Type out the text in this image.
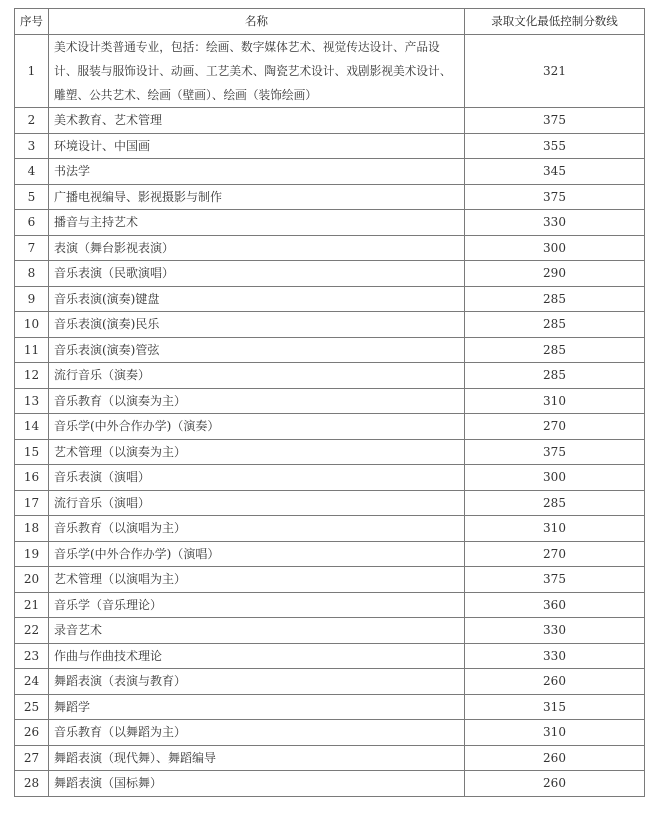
序号	名称	录取文化最低控制分数线
1	美术设计类普通专业，包括：绘画、数字媒体艺术、视觉传达设计、产品设计、服装与服饰设计、动画、工艺美术、陶瓷艺术设计、戏剧影视美术设计、雕塑、公共艺术、绘画（壁画）、绘画（装饰绘画）	321
2	美术教育、艺术管理	375
3	环境设计、中国画	355
4	书法学	345
5	广播电视编导、影视摄影与制作	375
6	播音与主持艺术	330
7	表演（舞台影视表演）	300
8	音乐表演（民歌演唱）	290
9	音乐表演(演奏)键盘	285
10	音乐表演(演奏)民乐	285
11	音乐表演(演奏)管弦	285
12	流行音乐（演奏）	285
13	音乐教育（以演奏为主）	310
14	音乐学(中外合作办学)（演奏）	270
15	艺术管理（以演奏为主）	375
16	音乐表演（演唱）	300
17	流行音乐（演唱）	285
18	音乐教育（以演唱为主）	310
19	音乐学(中外合作办学)（演唱）	270
20	艺术管理（以演唱为主）	375
21	音乐学（音乐理论）	360
22	录音艺术	330
23	作曲与作曲技术理论	330
24	舞蹈表演（表演与教育）	260
25	舞蹈学	315
26	音乐教育（以舞蹈为主）	310
27	舞蹈表演（现代舞）、舞蹈编导	260
28	舞蹈表演（国标舞）	260
